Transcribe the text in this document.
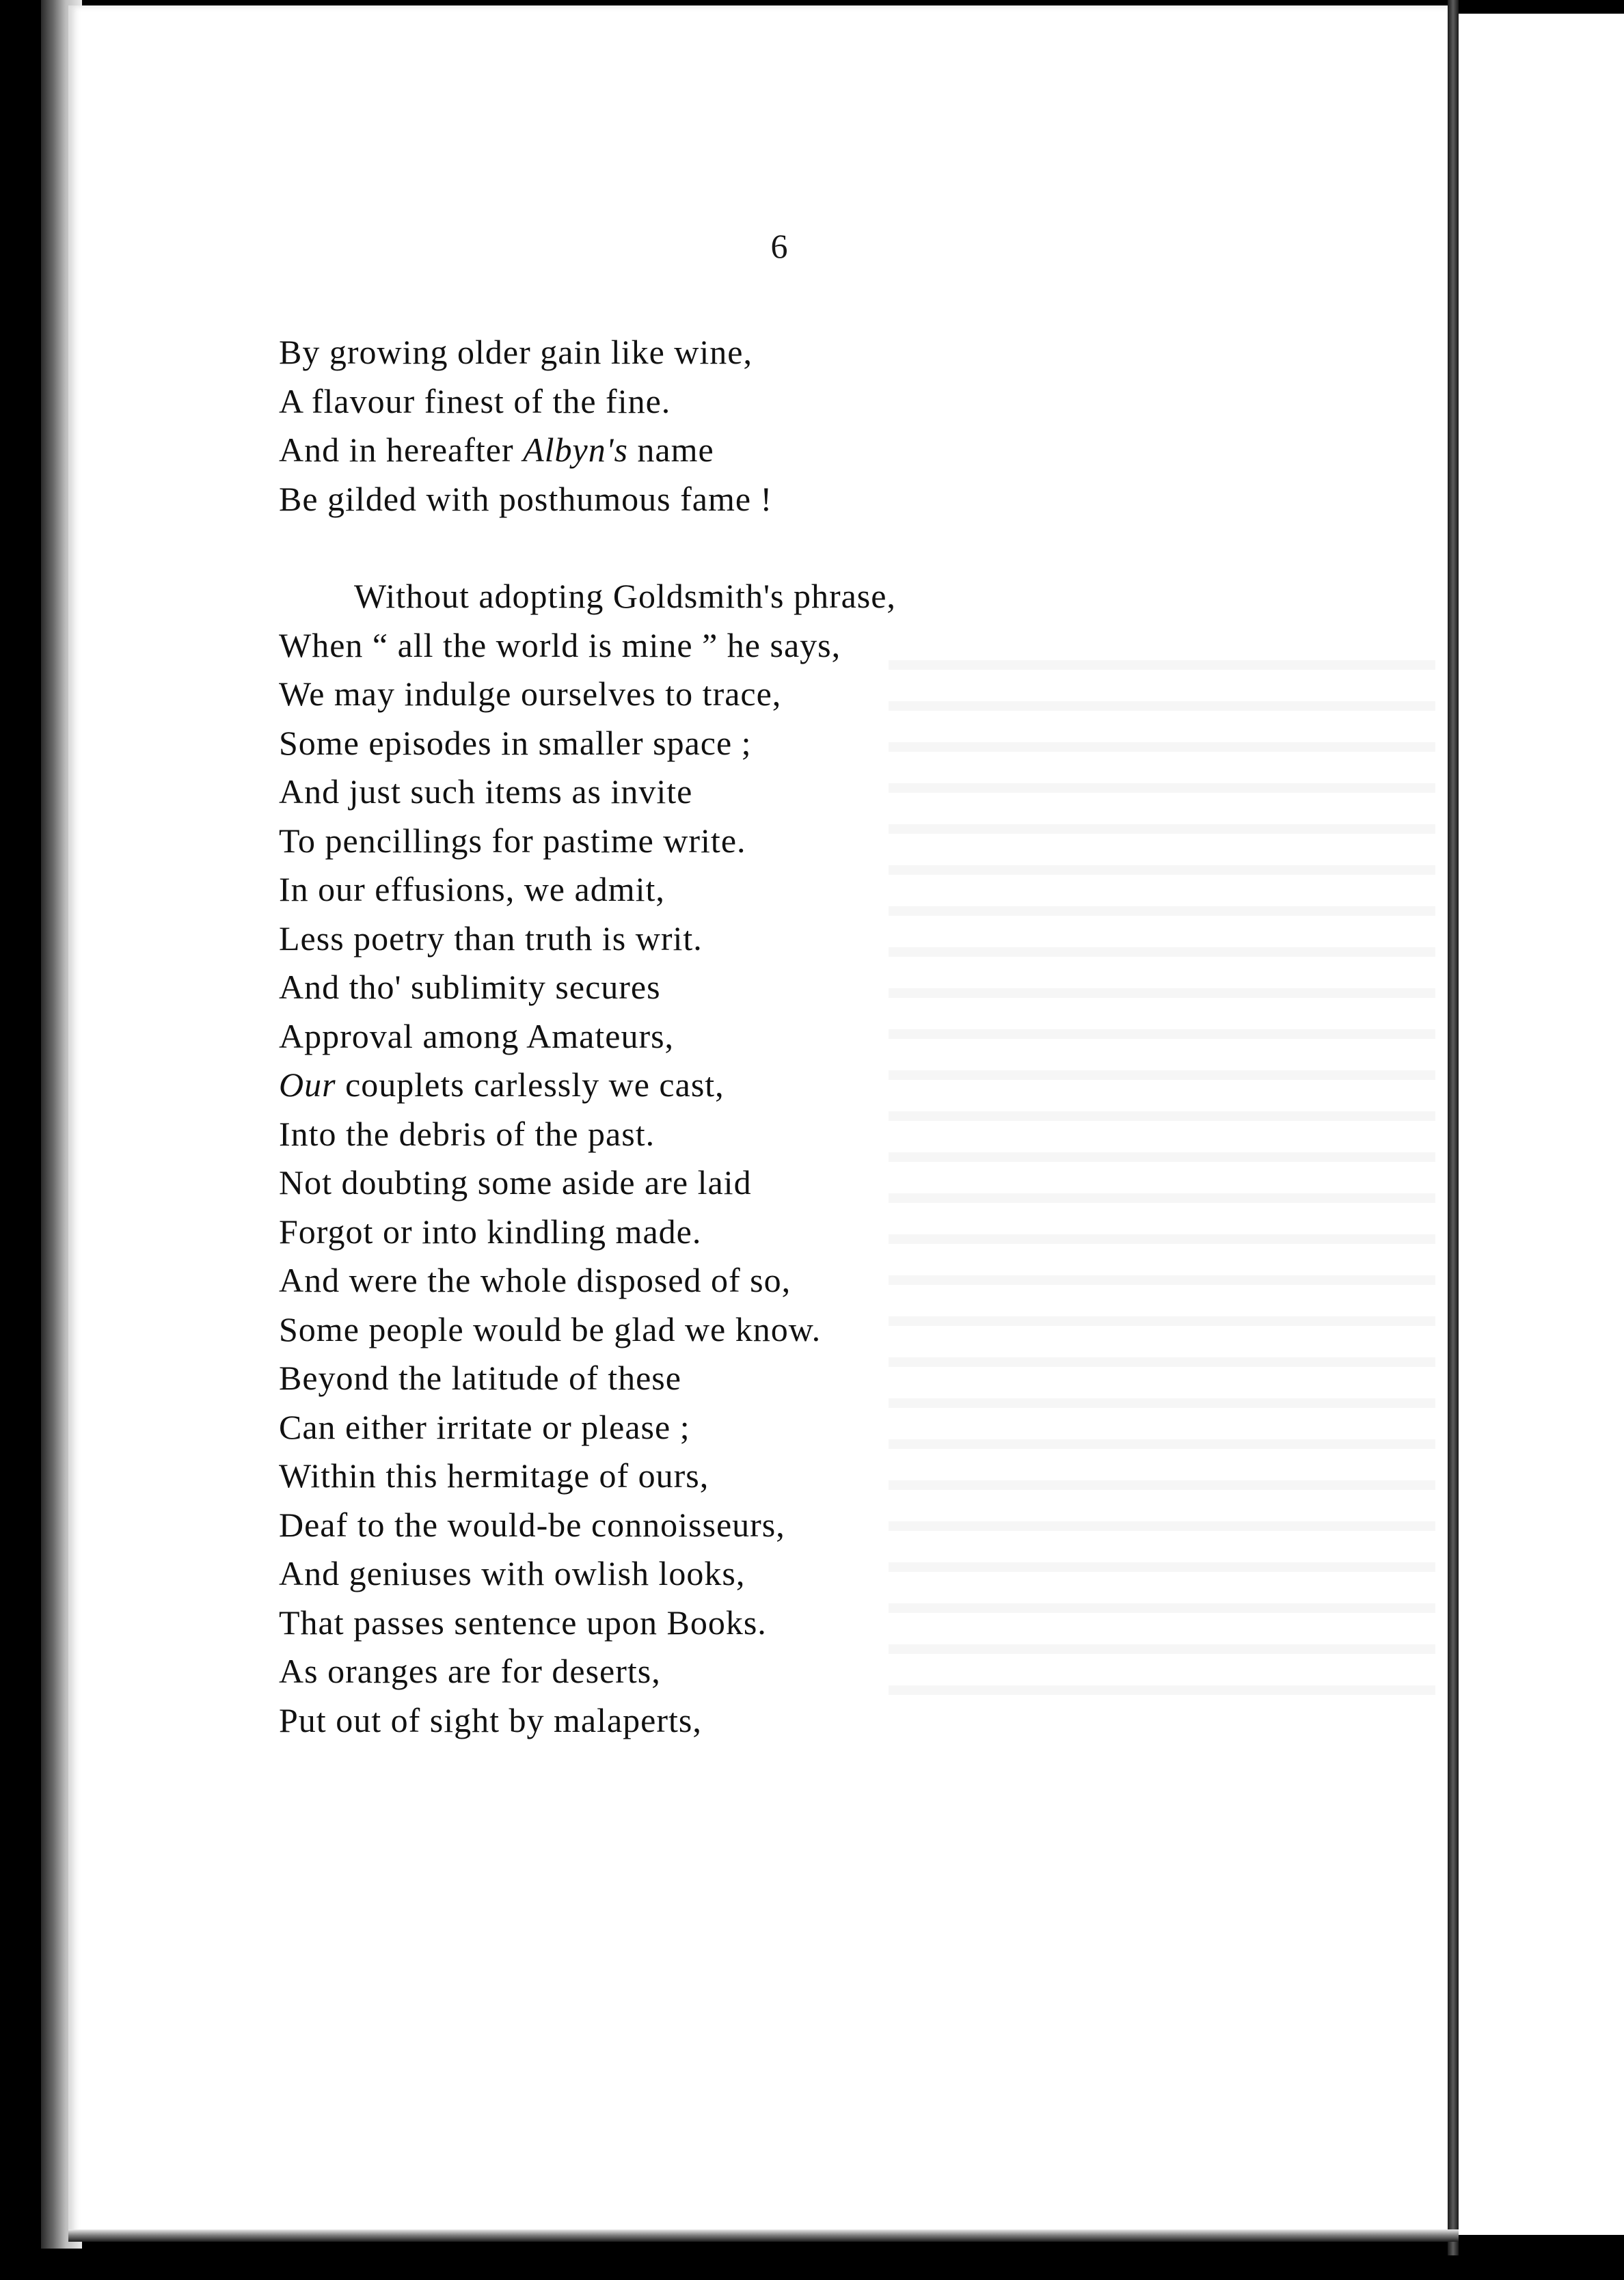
6
By growing older gain like wine,
A flavour finest of the fine.
And in hereafter Albyn's name
Be gilded with posthumous fame !
Without adopting Goldsmith's phrase,
When “ all the world is mine ” he says,
We may indulge ourselves to trace,
Some episodes in smaller space ;
And just such items as invite
To pencillings for pastime write.
In our effusions, we admit,
Less poetry than truth is writ.
And tho' sublimity secures
Approval among Amateurs,
Our couplets carlessly we cast,
Into the debris of the past.
Not doubting some aside are laid
Forgot or into kindling made.
And were the whole disposed of so,
Some people would be glad we know.
Beyond the latitude of these
Can either irritate or please ;
Within this hermitage of ours,
Deaf to the would-be connoisseurs,
And geniuses with owlish looks,
That passes sentence upon Books.
As oranges are for deserts,
Put out of sight by malaperts,
